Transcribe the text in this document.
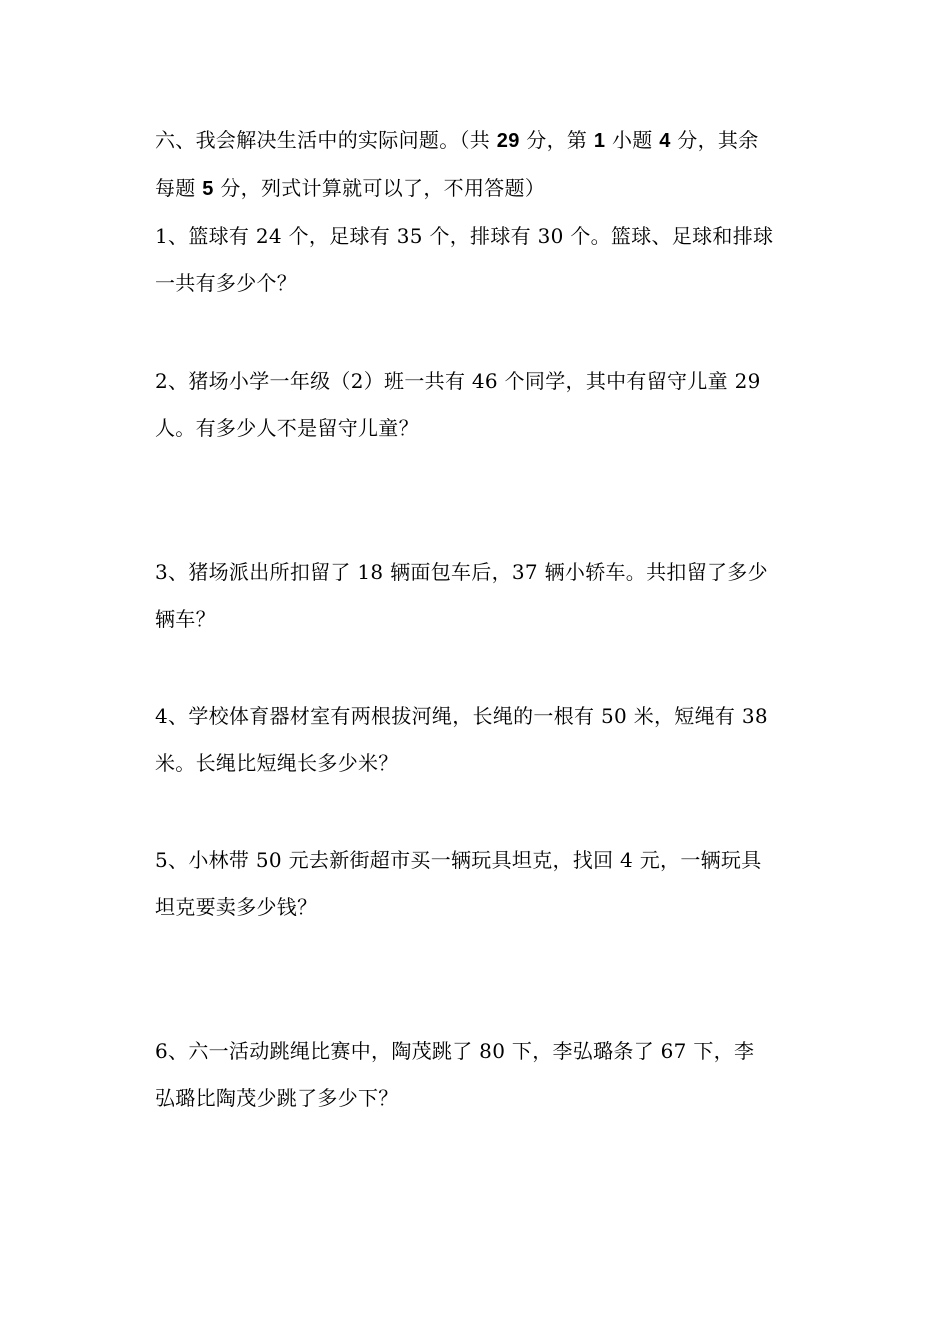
六、我会解决生活中的实际问题。（共 29 分，第 1 小题 4 分，其余
每题 5 分，列式计算就可以了，不用答题）
1、篮球有 24 个，足球有 35 个，排球有 30 个。篮球、足球和排球
一共有多少个？
2、猪场小学一年级（2）班一共有 46 个同学，其中有留守儿童 29
人。有多少人不是留守儿童？
3、猪场派出所扣留了 18 辆面包车后，37 辆小轿车。共扣留了多少
辆车？
4、学校体育器材室有两根拔河绳，长绳的一根有 50 米，短绳有 38
米。长绳比短绳长多少米？
5、小林带 50 元去新街超市买一辆玩具坦克，找回 4 元，一辆玩具
坦克要卖多少钱？
6、六一活动跳绳比赛中，陶茂跳了 80 下，李弘璐条了 67 下，李
弘璐比陶茂少跳了多少下？
